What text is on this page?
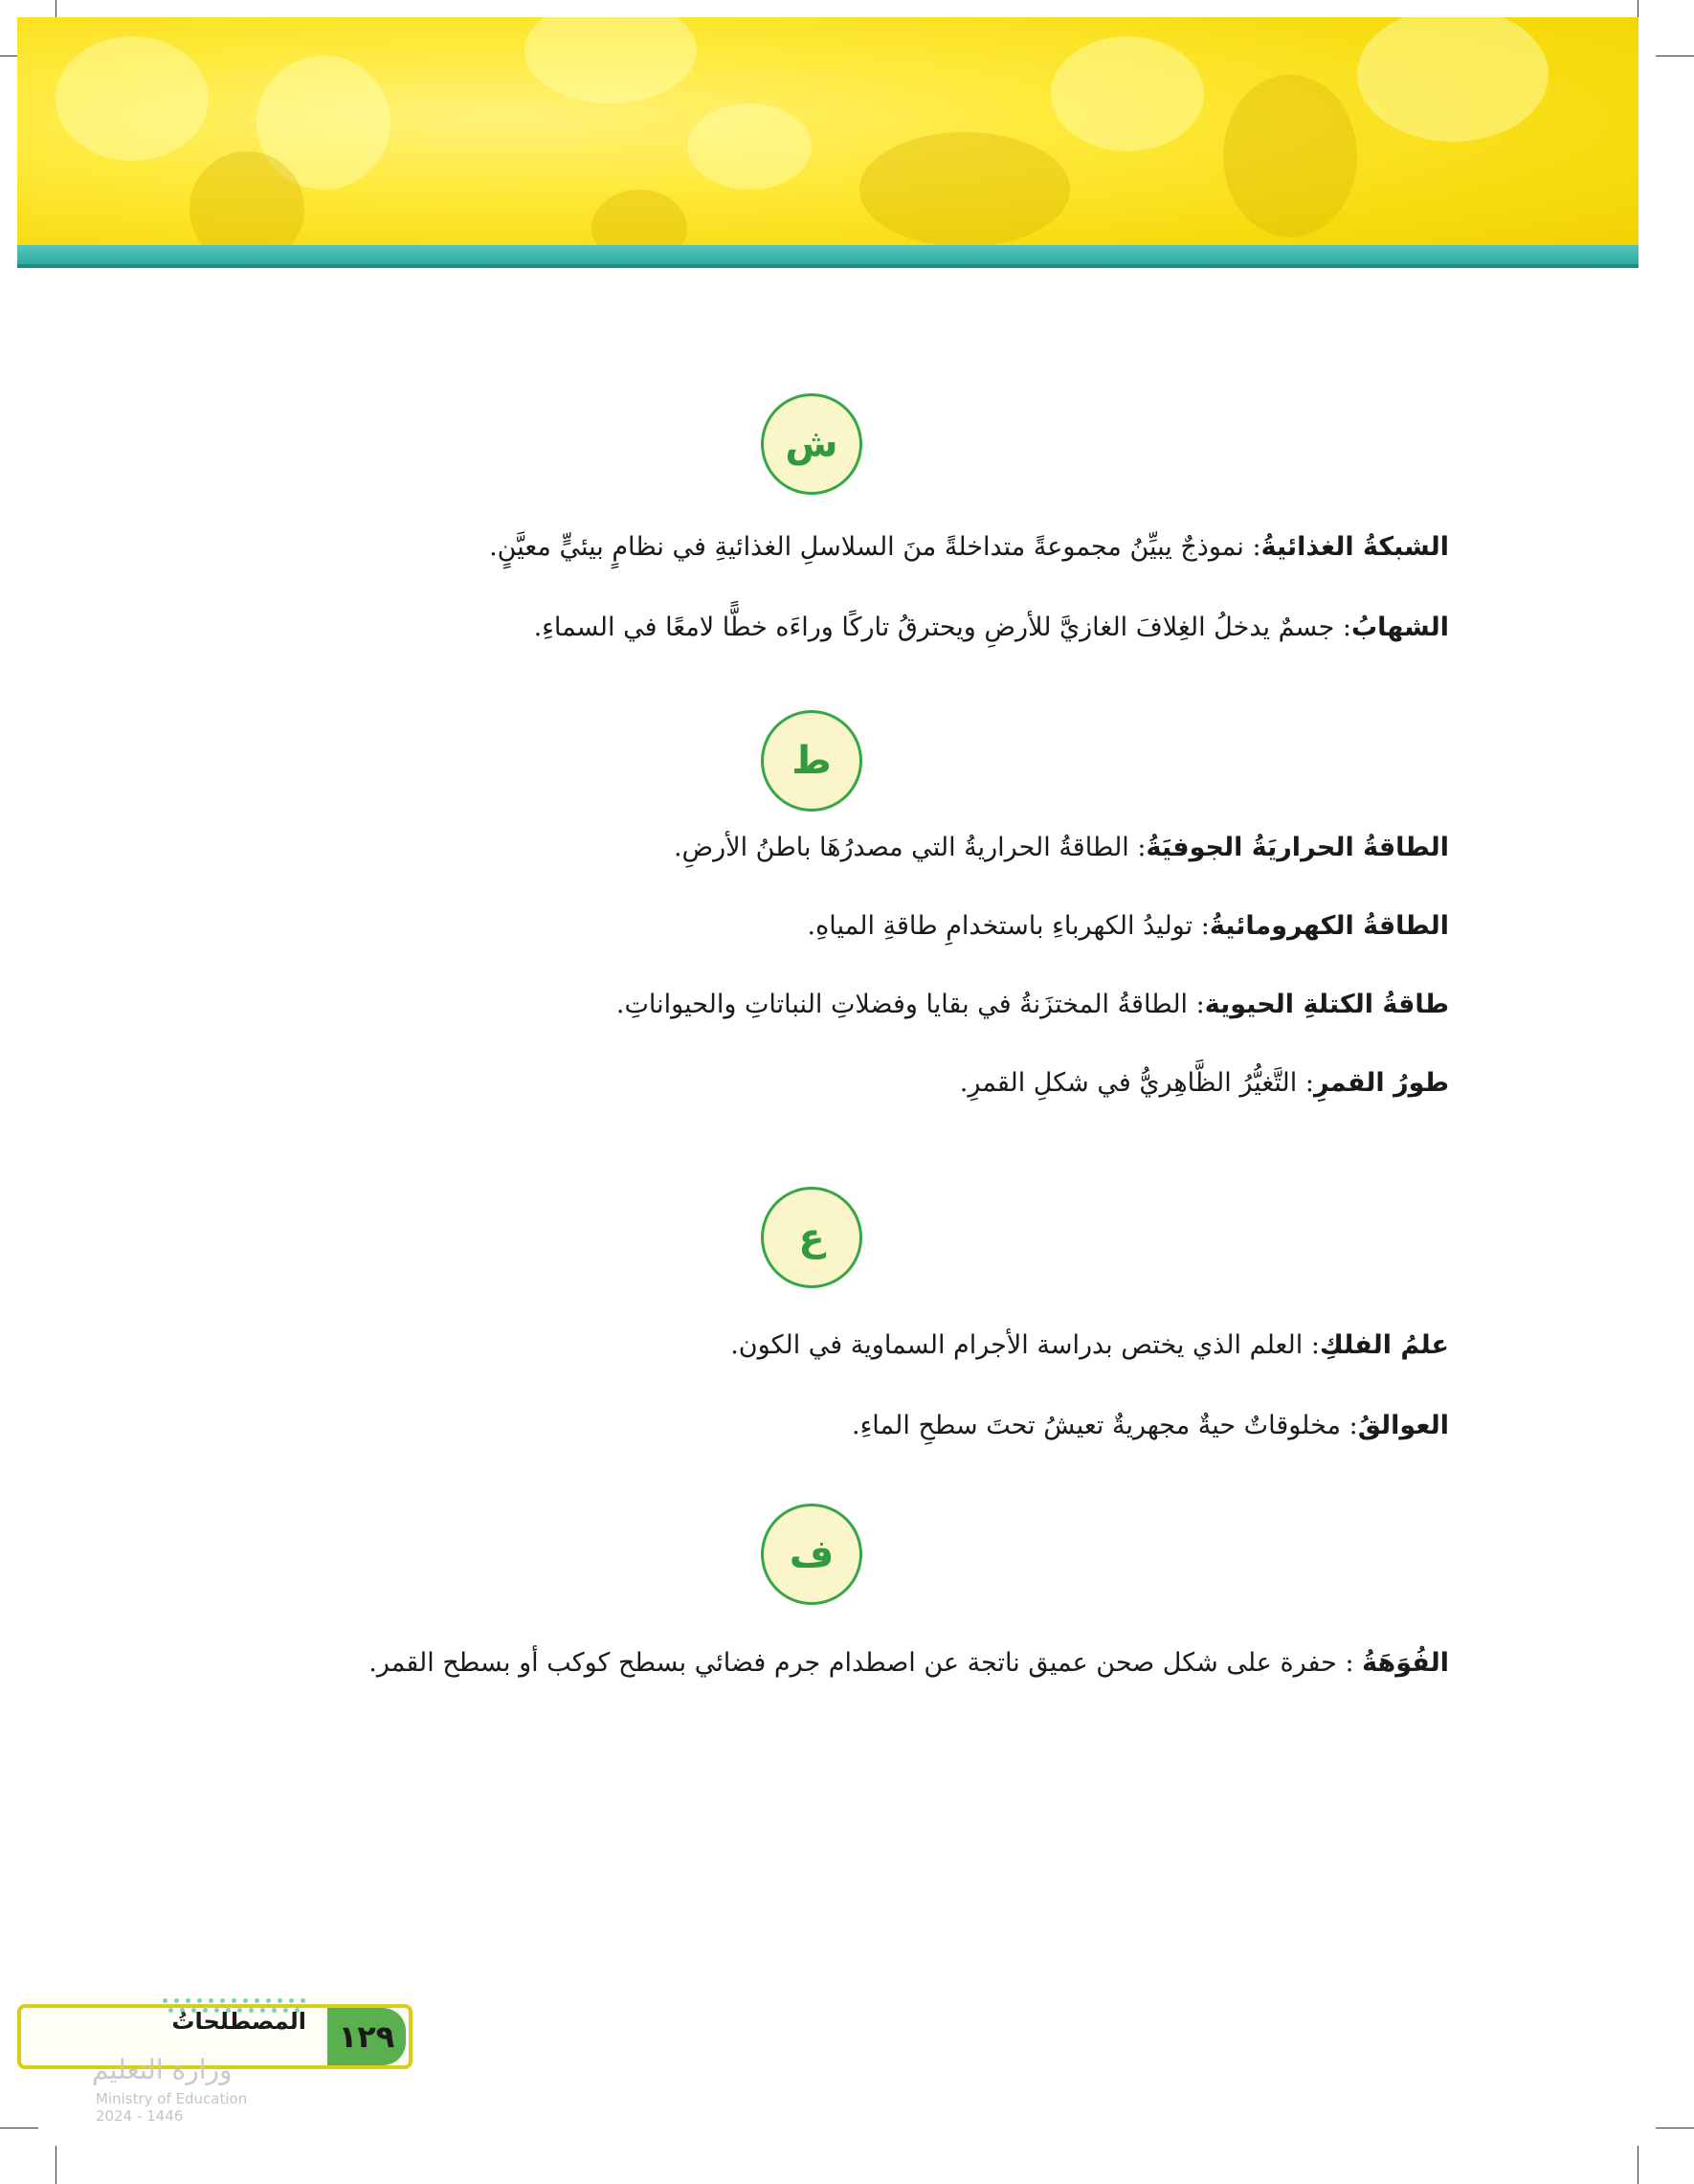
ش
الشبكةُ الغذائيةُ: نموذجٌ يبيِّنُ مجموعةً متداخلةً منَ السلاسلِ الغذائيةِ في نظامٍ بيئيٍّ معيَّنٍ.
الشهابُ: جسمٌ يدخلُ الغِلافَ الغازيَّ للأرضِ ويحترقُ تاركًا وراءَه خطًّا لامعًا في السماءِ.
ط
الطاقةُ الحراريَةُ الجوفيَةُ: الطاقةُ الحراريةُ التي مصدرُهَا باطنُ الأرضِ.
الطاقةُ الكهرومائيةُ: توليدُ الكهرباءِ باستخدامِ طاقةِ المياهِ.
طاقةُ الكتلةِ الحيوية: الطاقةُ المختزَنةُ في بقايا وفضلاتِ النباتاتِ والحيواناتِ.
طورُ القمرِ: التَّغيُّرُ الظَّاهِريُّ في شكلِ القمرِ.
ع
علمُ الفلكِ: العلم الذي يختص بدراسة الأجرام السماوية في الكون.
العوالقُ: مخلوقاتٌ حيةٌ مجهريةٌ تعيشُ تحتَ سطحِ الماءِ.
ف
الفُوَهَةُ : حفرة على شكل صحن عميق ناتجة عن اصطدام جرم فضائي بسطح كوكب أو بسطح القمر.
المصطلحاتُ	١٢٩
وزارة التعليم
Ministry of Education
2024 - 1446
